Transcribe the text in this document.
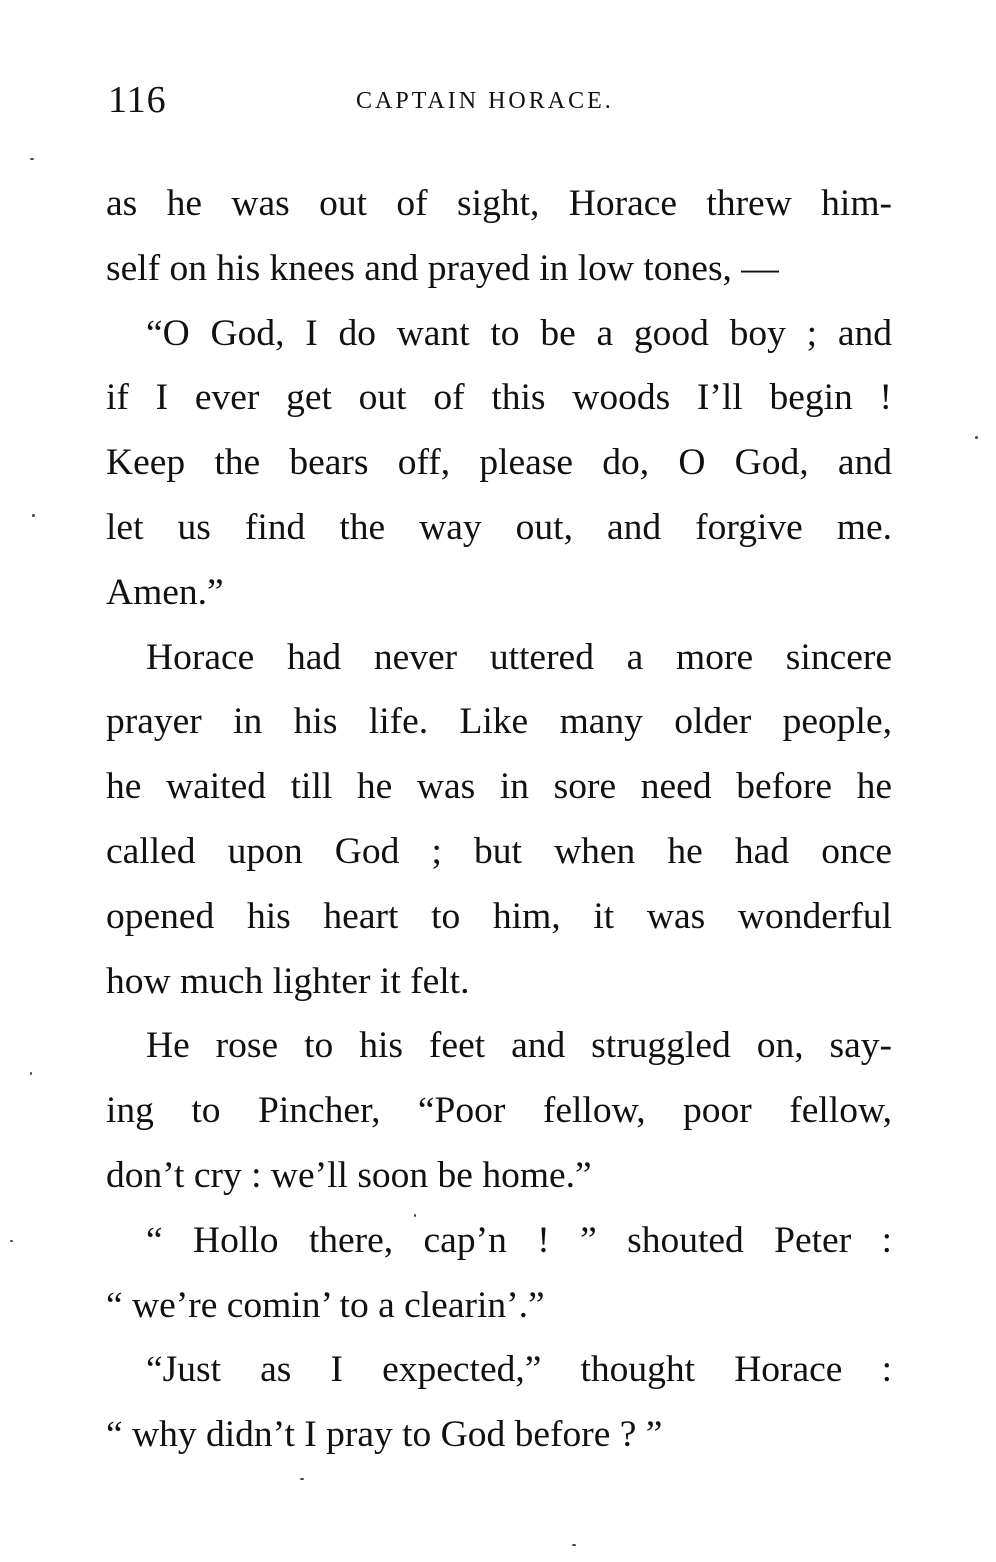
116	CAPTAIN HORACE.
as he was out of sight, Horace threw him-
self on his knees and prayed in low tones, —
“O God, I do want to be a good boy ; and
if I ever get out of this woods I’ll begin !
Keep the bears off, please do, O God, and
let us find the way out, and forgive me.
Amen.”
Horace had never uttered a more sincere
prayer in his life. Like many older people,
he waited till he was in sore need before he
called upon God ; but when he had once
opened his heart to him, it was wonderful
how much lighter it felt.
He rose to his feet and struggled on, say-
ing to Pincher, “Poor fellow, poor fellow,
don’t cry : we’ll soon be home.”
“ Hollo there, cap’n ! ” shouted Peter :
“ we’re comin’ to a clearin’.”
“Just as I expected,” thought Horace :
“ why didn’t I pray to God before ? ”
